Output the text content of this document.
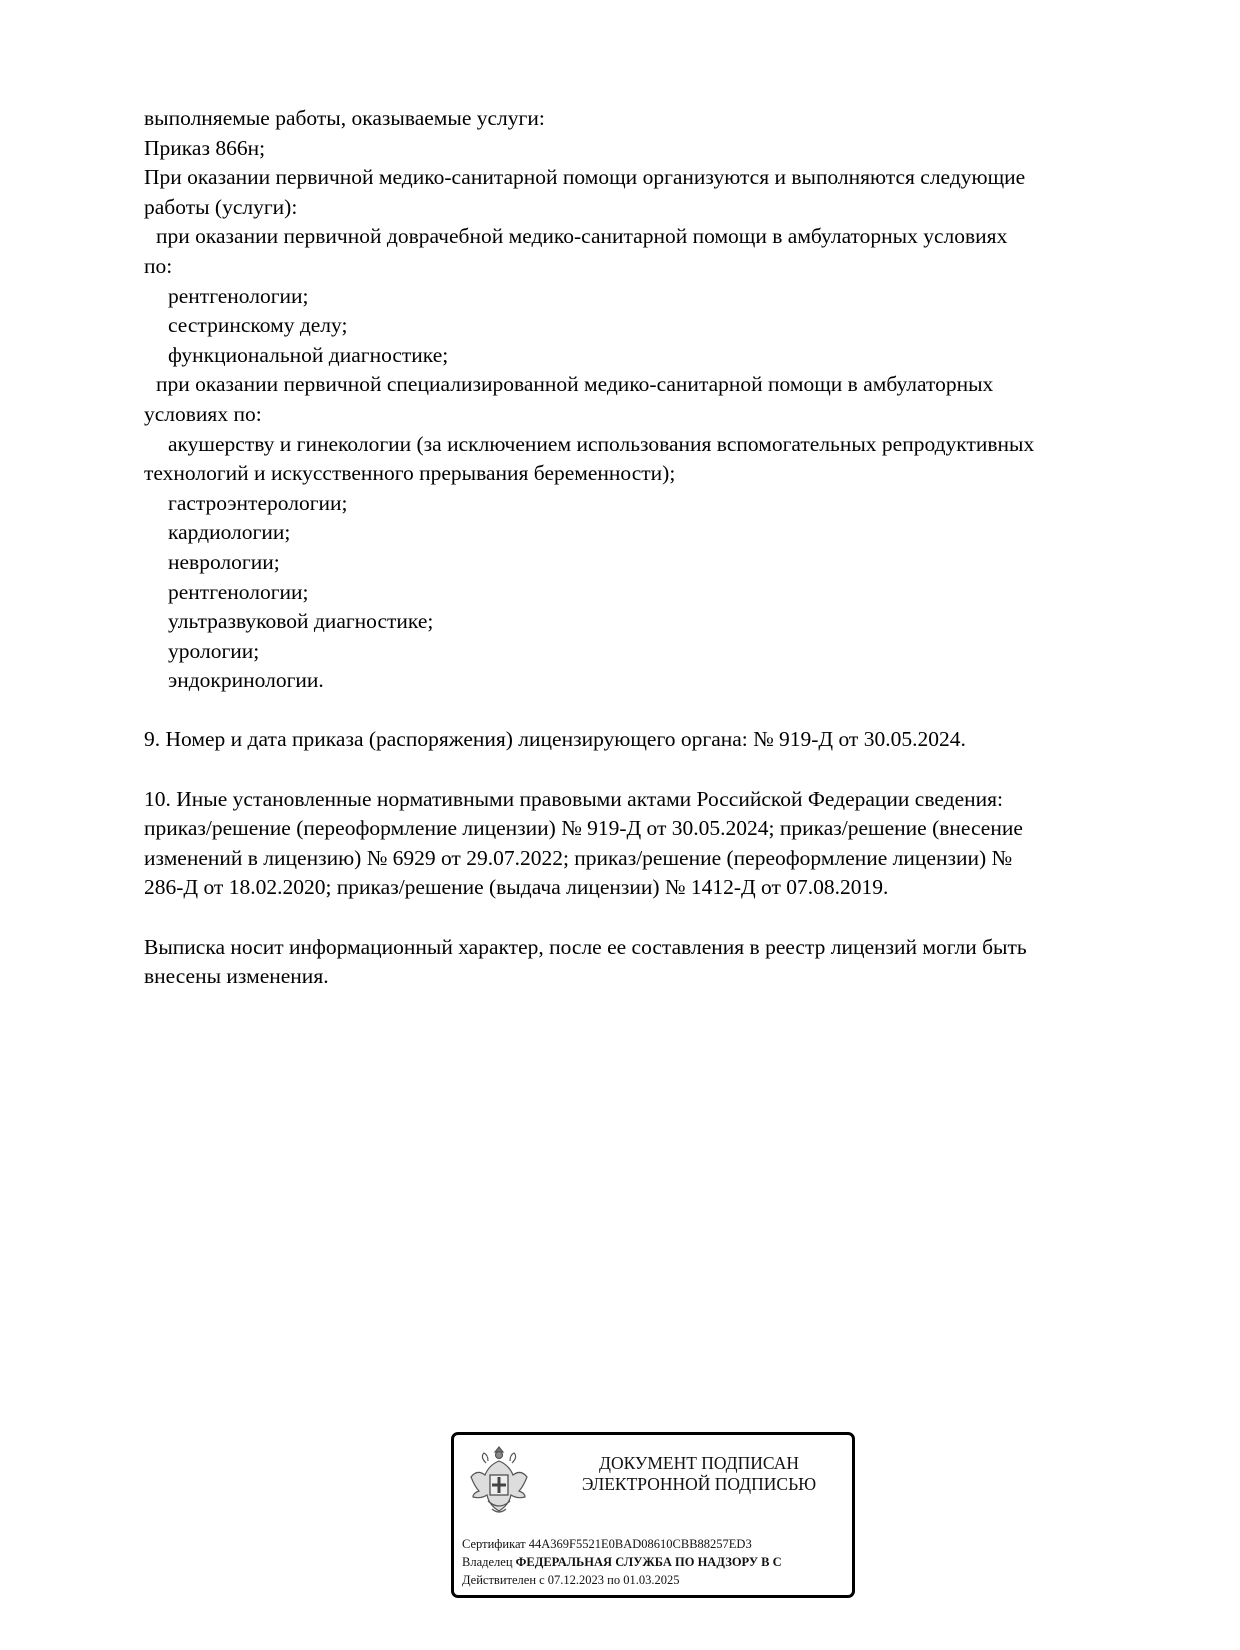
выполняемые работы, оказываемые услуги:
Приказ 866н;
При оказании первичной медико-санитарной помощи организуются и выполняются следующие
работы (услуги):
при оказании первичной доврачебной медико-санитарной помощи в амбулаторных условиях
по:
рентгенологии;
сестринскому делу;
функциональной диагностике;
при оказании первичной специализированной медико-санитарной помощи в амбулаторных
условиях по:
акушерству и гинекологии (за исключением использования вспомогательных репродуктивных
технологий и искусственного прерывания беременности);
гастроэнтерологии;
кардиологии;
неврологии;
рентгенологии;
ультразвуковой диагностике;
урологии;
эндокринологии.
9. Номер и дата приказа (распоряжения) лицензирующего органа: № 919-Д от 30.05.2024.
10. Иные установленные нормативными правовыми актами Российской Федерации сведения:
приказ/решение (переоформление лицензии) № 919-Д от 30.05.2024; приказ/решение (внесение
изменений в лицензию) № 6929 от 29.07.2022; приказ/решение (переоформление лицензии) №
286-Д от 18.02.2020; приказ/решение (выдача лицензии) № 1412-Д от 07.08.2019.
Выписка носит информационный характер, после ее составления в реестр лицензий могли быть
внесены изменения.
ДОКУМЕНТ ПОДПИСАН
ЭЛЕКТРОННОЙ ПОДПИСЬЮ
Сертификат 44A369F5521E0BAD08610CBB88257ED3
Владелец ФЕДЕРАЛЬНАЯ СЛУЖБА ПО НАДЗОРУ В С
Действителен с 07.12.2023 по 01.03.2025
